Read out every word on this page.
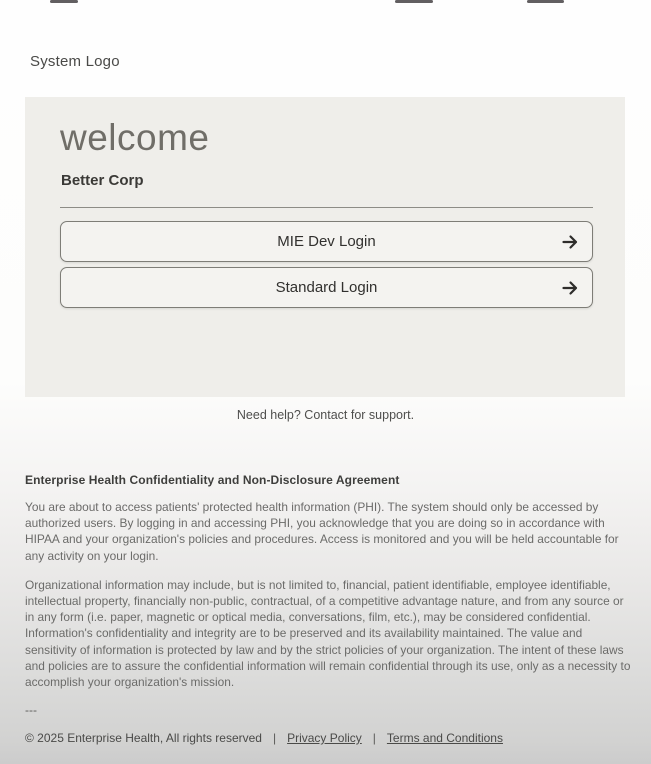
System Logo
welcome
Better Corp
MIE Dev Login
Standard Login
Need help? Contact for support.
Enterprise Health Confidentiality and Non-Disclosure Agreement

You are about to access patients' protected health information (PHI). The system should only be accessed by authorized users. By logging in and accessing PHI, you acknowledge that you are doing so in accordance with HIPAA and your organization's policies and procedures. Access is monitored and you will be held accountable for any activity on your login.

Organizational information may include, but is not limited to, financial, patient identifiable, employee identifiable, intellectual property, financially non-public, contractual, of a competitive advantage nature, and from any source or in any form (i.e. paper, magnetic or optical media, conversations, film, etc.), may be considered confidential. Information's confidentiality and integrity are to be preserved and its availability maintained. The value and sensitivity of information is protected by law and by the strict policies of your organization. The intent of these laws and policies are to assure the confidential information will remain confidential through its use, only as a necessity to accomplish your organization's mission.

---
© 2025 Enterprise Health, All rights reserved | Privacy Policy | Terms and Conditions
